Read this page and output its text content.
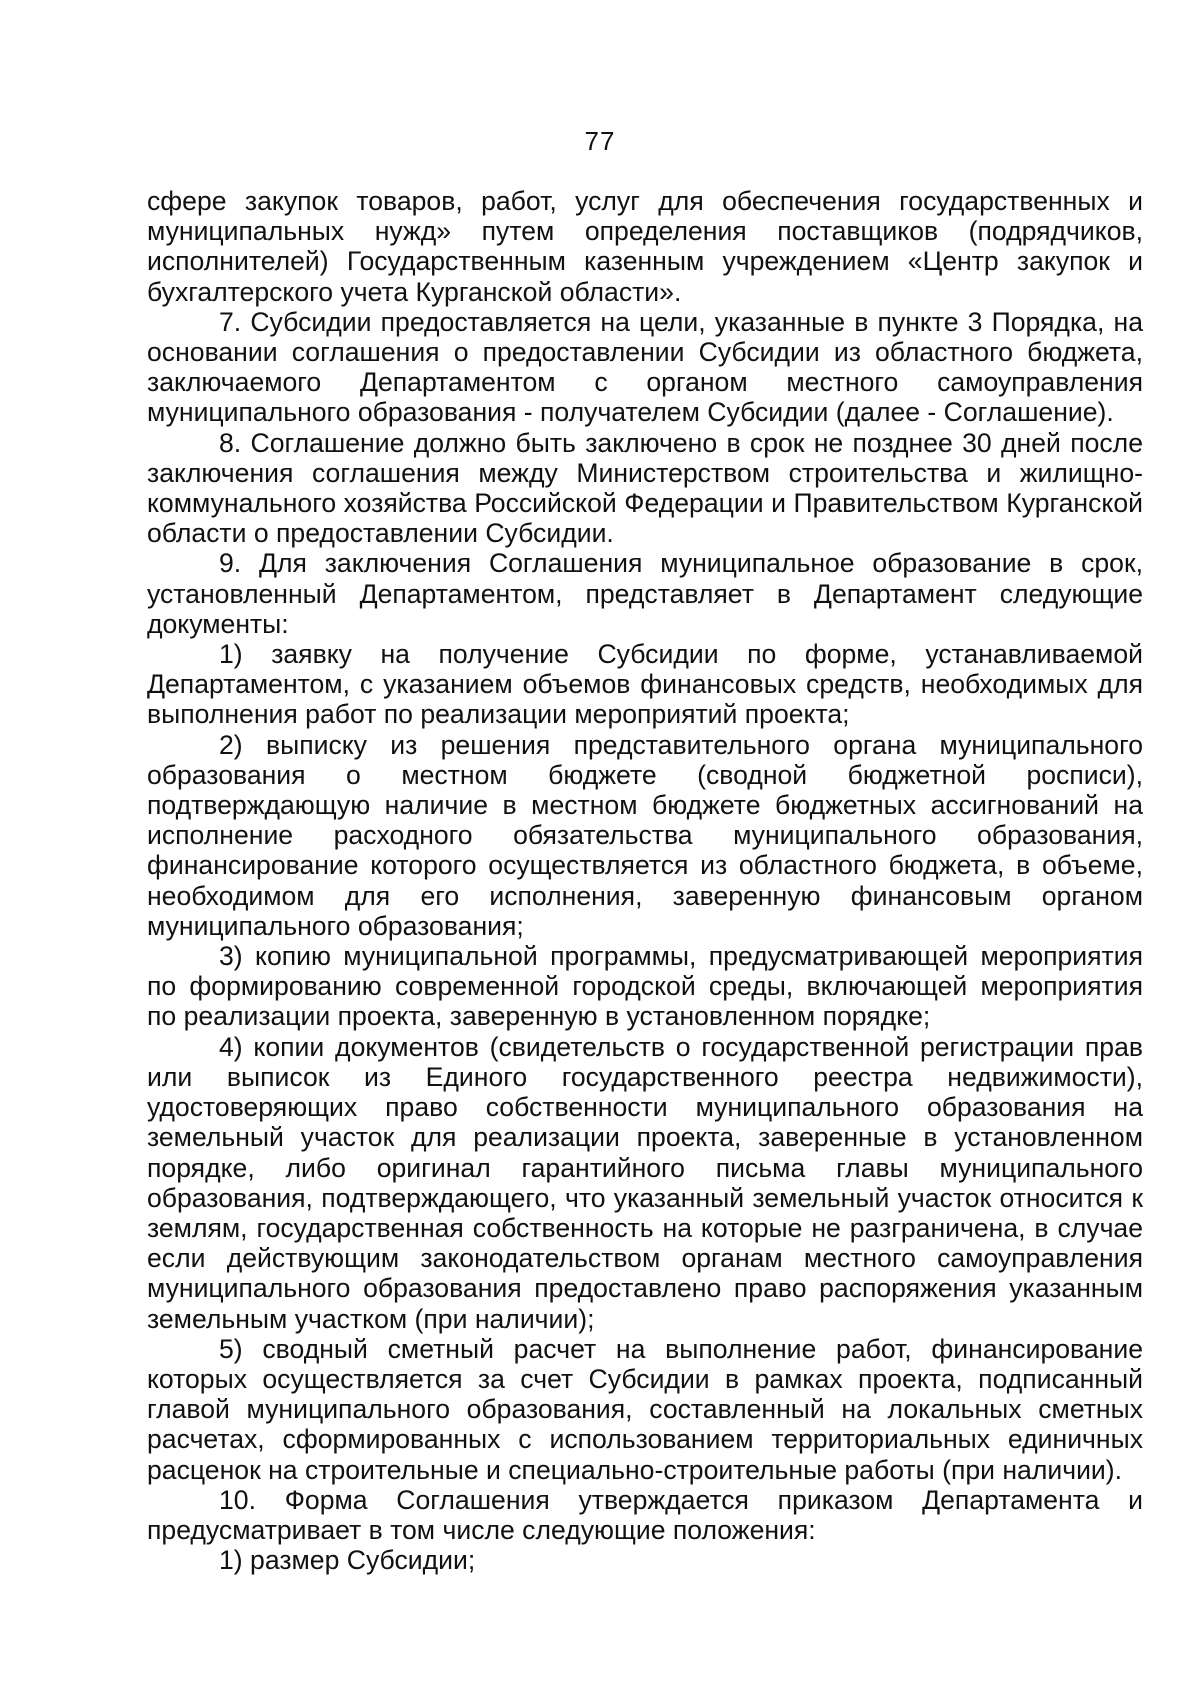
77

сфере закупок товаров, работ, услуг для обеспечения государственных и муниципальных нужд» путем определения поставщиков (подрядчиков, исполнителей) Государственным казенным учреждением «Центр закупок и бухгалтерского учета Курганской области».

7. Субсидии предоставляется на цели, указанные в пункте 3 Порядка, на основании соглашения о предоставлении Субсидии из областного бюджета, заключаемого Департаментом с органом местного самоуправления муниципального образования - получателем Субсидии (далее - Соглашение).

8. Соглашение должно быть заключено в срок не позднее 30 дней после заключения соглашения между Министерством строительства и жилищно-коммунального хозяйства Российской Федерации и Правительством Курганской области о предоставлении Субсидии.

9. Для заключения Соглашения муниципальное образование в срок, установленный Департаментом, представляет в Департамент следующие документы:

1) заявку на получение Субсидии по форме, устанавливаемой Департаментом, с указанием объемов финансовых средств, необходимых для выполнения работ по реализации мероприятий проекта;

2) выписку из решения представительного органа муниципального образования о местном бюджете (сводной бюджетной росписи), подтверждающую наличие в местном бюджете бюджетных ассигнований на исполнение расходного обязательства муниципального образования, финансирование которого осуществляется из областного бюджета, в объеме, необходимом для его исполнения, заверенную финансовым органом муниципального образования;

3) копию муниципальной программы, предусматривающей мероприятия по формированию современной городской среды, включающей мероприятия по реализации проекта, заверенную в установленном порядке;

4) копии документов (свидетельств о государственной регистрации прав или выписок из Единого государственного реестра недвижимости), удостоверяющих право собственности муниципального образования на земельный участок для реализации проекта, заверенные в установленном порядке, либо оригинал гарантийного письма главы муниципального образования, подтверждающего, что указанный земельный участок относится к землям, государственная собственность на которые не разграничена, в случае если действующим законодательством органам местного самоуправления муниципального образования предоставлено право распоряжения указанным земельным участком (при наличии);

5) сводный сметный расчет на выполнение работ, финансирование которых осуществляется за счет Субсидии в рамках проекта, подписанный главой муниципального образования, составленный на локальных сметных расчетах, сформированных с использованием территориальных единичных расценок на строительные и специально-строительные работы (при наличии).

10. Форма Соглашения утверждается приказом Департамента и предусматривает в том числе следующие положения:

1) размер Субсидии;
